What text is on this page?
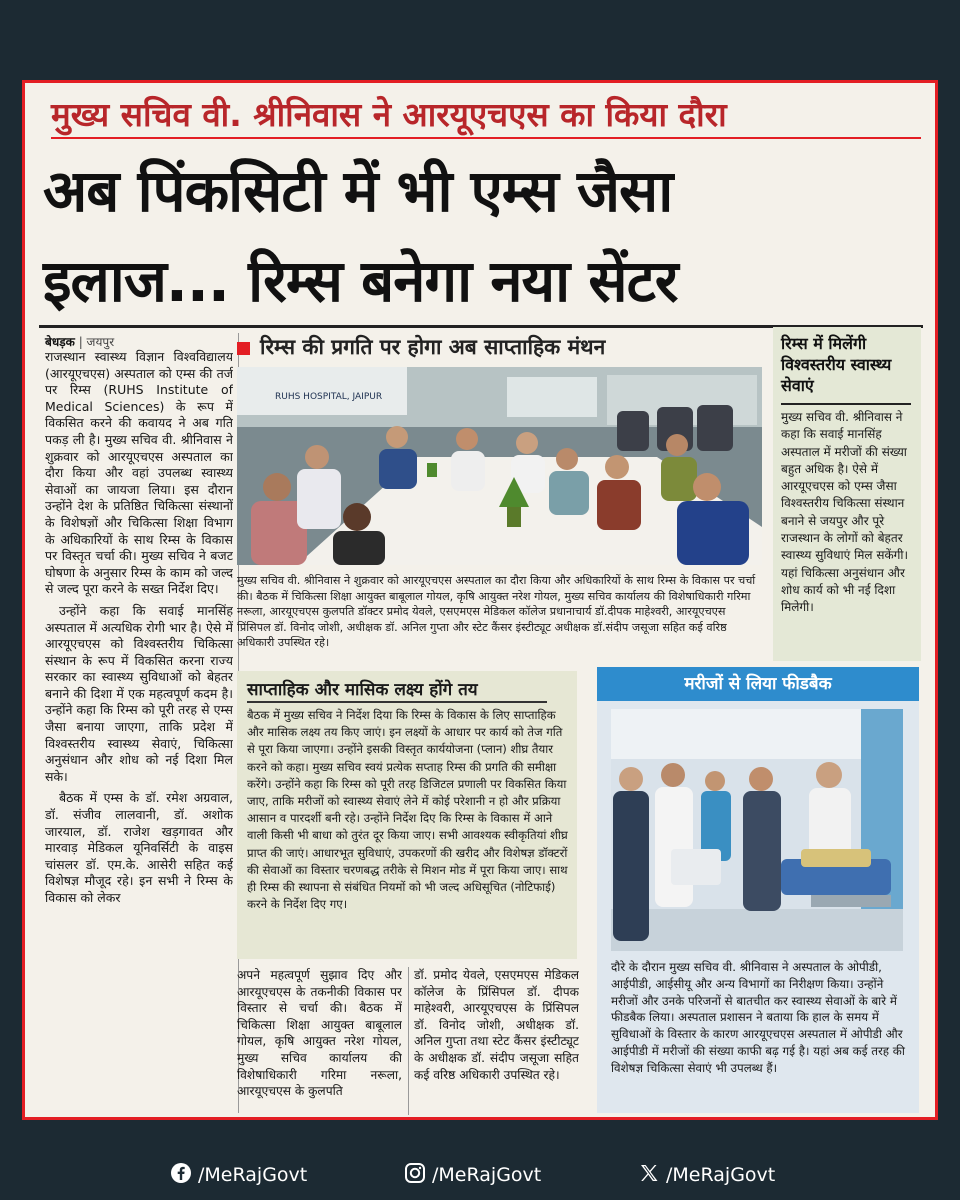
मुख्य सचिव वी. श्रीनिवास ने आरयूएचएस का किया दौरा
अब पिंकसिटी में भी एम्स जैसा
इलाज... रिम्स बनेगा नया सेंटर
बेधड़क | जयपुर

राजस्थान स्वास्थ्य विज्ञान विश्वविद्यालय (आरयूएचएस) अस्पताल को एम्स की तर्ज पर रिम्स (RUHS Institute of Medical Sciences) के रूप में विकसित करने की कवायद ने अब गति पकड़ ली है। मुख्य सचिव वी. श्रीनिवास ने शुक्रवार को आरयूएचएस अस्पताल का दौरा किया और वहां उपलब्ध स्वास्थ्य सेवाओं का जायजा लिया। इस दौरान उन्होंने देश के प्रतिष्ठित चिकित्सा संस्थानों के विशेषज्ञों और चिकित्सा शिक्षा विभाग के अधिकारियों के साथ रिम्स के विकास पर विस्तृत चर्चा की। मुख्य सचिव ने बजट घोषणा के अनुसार रिम्स के काम को जल्द से जल्द पूरा करने के सख्त निर्देश दिए।

उन्होंने कहा कि सवाई मानसिंह अस्पताल में अत्यधिक रोगी भार है। ऐसे में आरयूएचएस को विश्वस्तरीय चिकित्सा संस्थान के रूप में विकसित करना राज्य सरकार का स्वास्थ्य सुविधाओं को बेहतर बनाने की दिशा में एक महत्वपूर्ण कदम है। उन्होंने कहा कि रिम्स को पूरी तरह से एम्स जैसा बनाया जाएगा, ताकि प्रदेश में विश्वस्तरीय स्वास्थ्य सेवाएं, चिकित्सा अनुसंधान और शोध को नई दिशा मिल सके।

बैठक में एम्स के डॉ. रमेश अग्रवाल, डॉ. संजीव लालवानी, डॉ. अशोक जारयाल, डॉ. राजेश खड़गावत और मारवाड़ मेडिकल यूनिवर्सिटी के वाइस चांसलर डॉ. एम.के. आसेरी सहित कई विशेषज्ञ मौजूद रहे। इन सभी ने रिम्स के विकास को लेकर

रिम्स की प्रगति पर होगा अब साप्ताहिक मंथन
RUHS HOSPITAL, JAIPUR
मुख्य सचिव वी. श्रीनिवास ने शुक्रवार को आरयूएचएस अस्पताल का दौरा किया और अधिकारियों के साथ रिम्स के विकास पर चर्चा की। बैठक में चिकित्सा शिक्षा आयुक्त बाबूलाल गोयल, कृषि आयुक्त नरेश गोयल, मुख्य सचिव कार्यालय की विशेषाधिकारी गरिमा नरूला, आरयूएचएस कुलपति डॉक्टर प्रमोद येवले, एसएमएस मेडिकल कॉलेज प्रधानाचार्य डॉ.दीपक माहेश्वरी, आरयूएचएस प्रिंसिपल डॉ. विनोद जोशी, अधीक्षक डॉ. अनिल गुप्ता और स्टेट कैंसर इंस्टीट्यूट अधीक्षक डॉ.संदीप जसूजा सहित कई वरिष्ठ अधिकारी उपस्थित रहे।
रिम्स में मिलेंगी विश्वस्तरीय स्वास्थ्य सेवाएं
मुख्य सचिव वी. श्रीनिवास ने कहा कि सवाई मानसिंह अस्पताल में मरीजों की संख्या बहुत अधिक है। ऐसे में आरयूएचएस को एम्स जैसा विश्वस्तरीय चिकित्सा संस्थान बनाने से जयपुर और पूरे राजस्थान के लोगों को बेहतर स्वास्थ्य सुविधाएं मिल सकेंगी। यहां चिकित्सा अनुसंधान और शोध कार्य को भी नई दिशा मिलेगी।
साप्ताहिक और मासिक लक्ष्य होंगे तय
बैठक में मुख्य सचिव ने निर्देश दिया कि रिम्स के विकास के लिए साप्ताहिक और मासिक लक्ष्य तय किए जाएं। इन लक्ष्यों के आधार पर कार्य को तेज गति से पूरा किया जाएगा। उन्होंने इसकी विस्तृत कार्ययोजना (प्लान) शीघ्र तैयार करने को कहा। मुख्य सचिव स्वयं प्रत्येक सप्ताह रिम्स की प्रगति की समीक्षा करेंगे। उन्होंने कहा कि रिम्स को पूरी तरह डिजिटल प्रणाली पर विकसित किया जाए, ताकि मरीजों को स्वास्थ्य सेवाएं लेने में कोई परेशानी न हो और प्रक्रिया आसान व पारदर्शी बनी रहे। उन्होंने निर्देश दिए कि रिम्स के विकास में आने वाली किसी भी बाधा को तुरंत दूर किया जाए। सभी आवश्यक स्वीकृतियां शीघ्र प्राप्त की जाएं। आधारभूत सुविधाएं, उपकरणों की खरीद और विशेषज्ञ डॉक्टरों की सेवाओं का विस्तार चरणबद्ध तरीके से मिशन मोड में पूरा किया जाए। साथ ही रिम्स की स्थापना से संबंधित नियमों को भी जल्द अधिसूचित (नोटिफाई) करने के निर्देश दिए गए।
मरीजों से लिया फीडबैक
दौरे के दौरान मुख्य सचिव वी. श्रीनिवास ने अस्पताल के ओपीडी, आईपीडी, आईसीयू और अन्य विभागों का निरीक्षण किया। उन्होंने मरीजों और उनके परिजनों से बातचीत कर स्वास्थ्य सेवाओं के बारे में फीडबैक लिया। अस्पताल प्रशासन ने बताया कि हाल के समय में सुविधाओं के विस्तार के कारण आरयूएचएस अस्पताल में ओपीडी और आईपीडी में मरीजों की संख्या काफी बढ़ गई है। यहां अब कई तरह की विशेषज्ञ चिकित्सा सेवाएं भी उपलब्ध हैं।
अपने महत्वपूर्ण सुझाव दिए और आरयूएचएस के तकनीकी विकास पर विस्तार से चर्चा की। बैठक में चिकित्सा शिक्षा आयुक्त बाबूलाल गोयल, कृषि आयुक्त नरेश गोयल, मुख्य सचिव कार्यालय की विशेषाधिकारी गरिमा नरूला, आरयूएचएस के कुलपति
डॉ. प्रमोद येवले, एसएमएस मेडिकल कॉलेज के प्रिंसिपल डॉ. दीपक माहेश्वरी, आरयूएचएस के प्रिंसिपल डॉ. विनोद जोशी, अधीक्षक डॉ. अनिल गुप्ता तथा स्टेट कैंसर इंस्टीट्यूट के अधीक्षक डॉ. संदीप जसूजा सहित कई वरिष्ठ अधिकारी उपस्थित रहे।
/MeRajGovt	/MeRajGovt	/MeRajGovt
